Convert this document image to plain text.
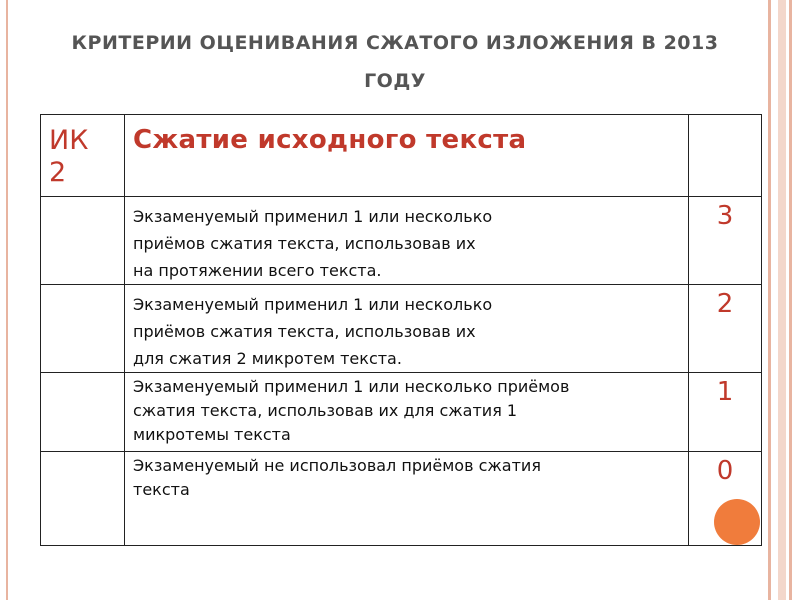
КРИТЕРИИ ОЦЕНИВАНИЯ СЖАТОГО ИЗЛОЖЕНИЯ В 2013 ГОДУ
ИК
2	Сжатие исходного текста	

	Экзаменуемый применил 1 или несколько
приёмов сжатия текста, использовав их
на протяжении всего текста.	3

	Экзаменуемый применил 1 или несколько
приёмов сжатия текста, использовав их
для сжатия 2 микротем текста.	2

	Экзаменуемый применил 1 или несколько приёмов
сжатия текста, использовав их для сжатия 1
микротемы текста	1

	Экзаменуемый не использовал приёмов сжатия
текста	0
